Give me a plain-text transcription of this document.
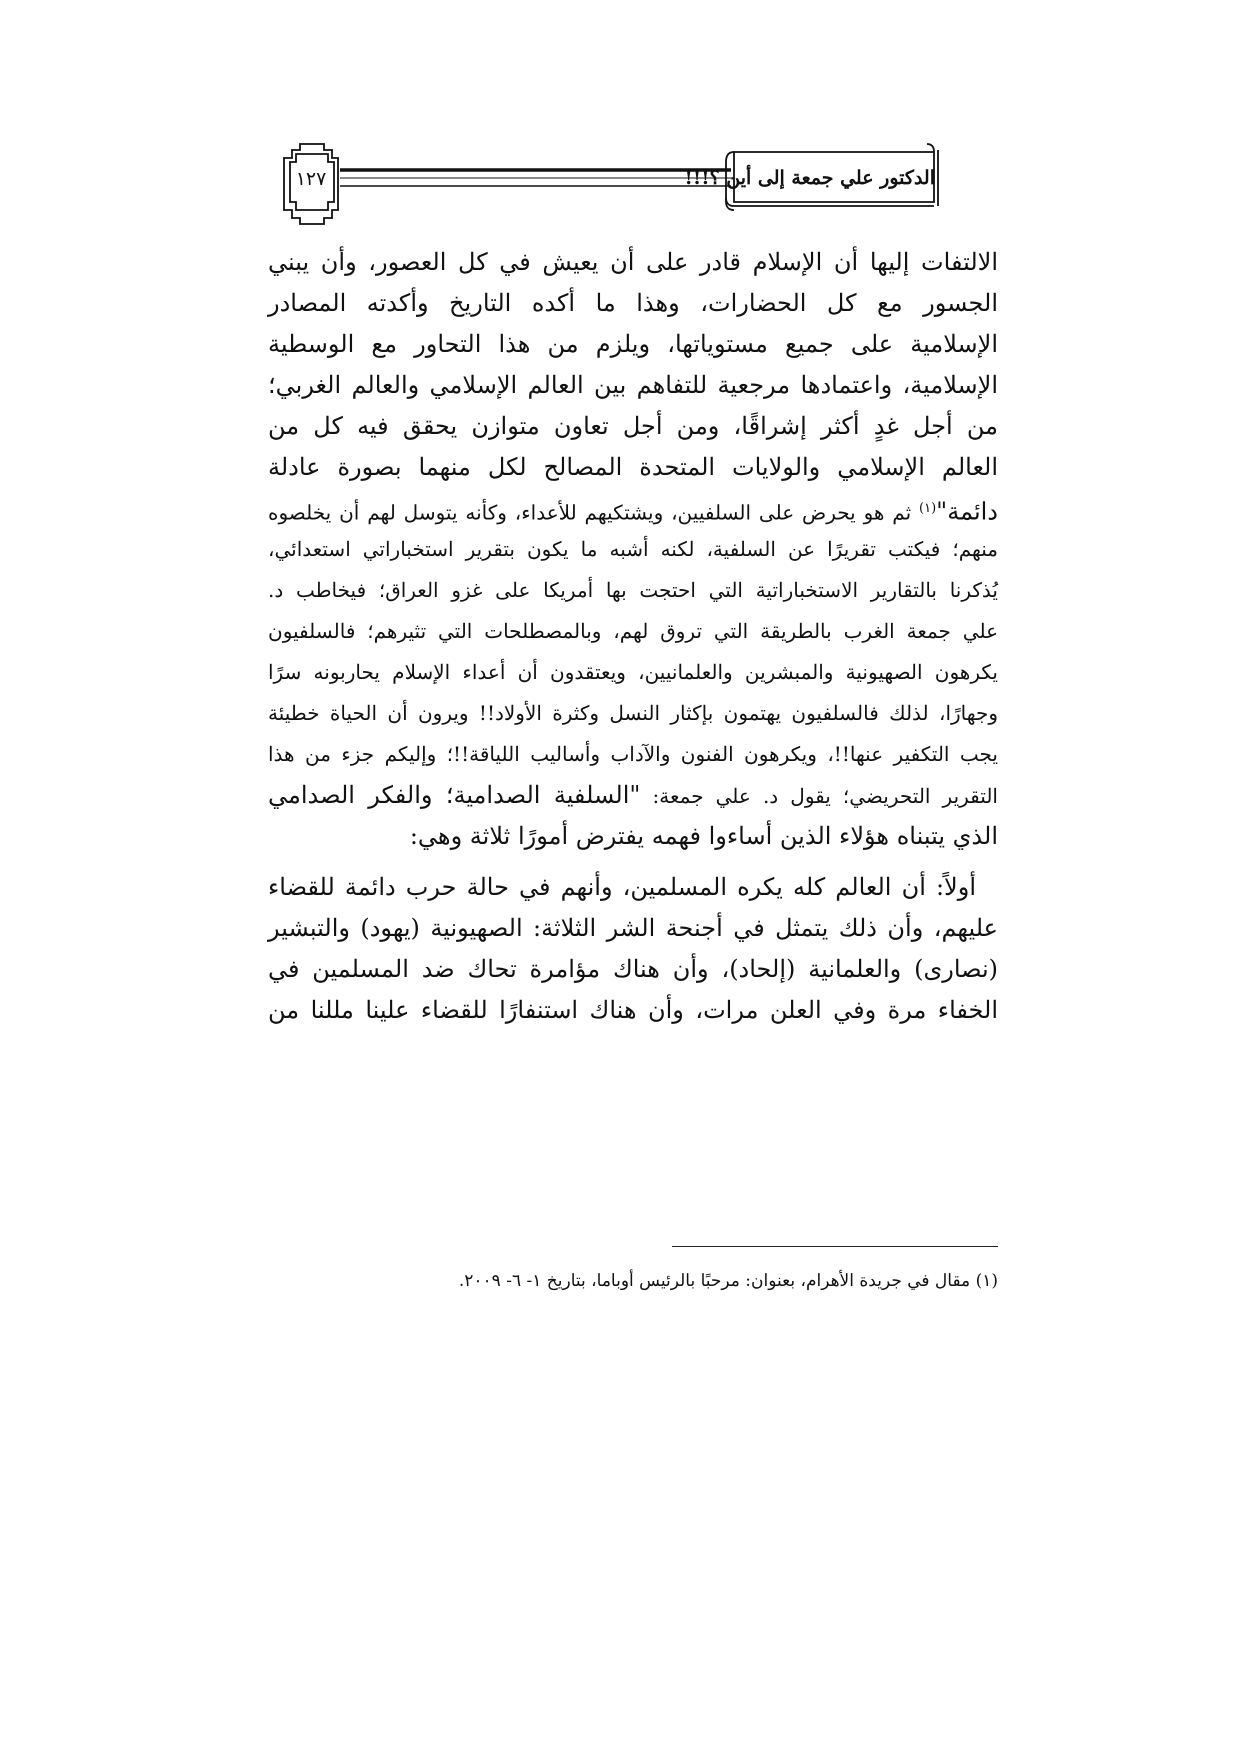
الدكتور علي جمعة إلى أين ؟!!!
١٢٧
الالتفات إليها أن الإسلام قادر على أن يعيش في كل العصور، وأن يبني
الجسور مع كل الحضارات، وهذا ما أكده التاريخ وأكدته المصادر
الإسلامية على جميع مستوياتها، ويلزم من هذا التحاور مع الوسطية
الإسلامية، واعتمادها مرجعية للتفاهم بين العالم الإسلامي والعالم الغربي؛
من أجل غدٍ أكثر إشراقًا، ومن أجل تعاون متوازن يحقق فيه كل من
العالم الإسلامي والولايات المتحدة المصالح لكل منهما بصورة عادلة
دائمة"$^{(١)}$ ثم هو يحرض على السلفيين، ويشتكيهم للأعداء، وكأنه يتوسل لهم أن يخلصوه
منهم؛ فيكتب تقريرًا عن السلفية، لكنه أشبه ما يكون بتقرير استخباراتي استعدائي،
يُذكرنا بالتقارير الاستخباراتية التي احتجت بها أمريكا على غزو العراق؛ فيخاطب د.
علي جمعة الغرب بالطريقة التي تروق لهم، وبالمصطلحات التي تثيرهم؛ فالسلفيون
يكرهون الصهيونية والمبشرين والعلمانيين، ويعتقدون أن أعداء الإسلام يحاربونه سرًا
وجهارًا، لذلك فالسلفيون يهتمون بإكثار النسل وكثرة الأولاد!! ويرون أن الحياة خطيئة
يجب التكفير عنها!!، ويكرهون الفنون والآداب وأساليب اللياقة!!؛ وإليكم جزء من هذا
التقرير التحريضي؛ يقول د. علي جمعة: "السلفية الصدامية؛ والفكر الصدامي
الذي يتبناه هؤلاء الذين أساءوا فهمه يفترض أمورًا ثلاثة وهي:
أولاً: أن العالم كله يكره المسلمين، وأنهم في حالة حرب دائمة للقضاء
عليهم، وأن ذلك يتمثل في أجنحة الشر الثلاثة: الصهيونية (يهود) والتبشير
(نصارى) والعلمانية (إلحاد)، وأن هناك مؤامرة تحاك ضد المسلمين في
الخفاء مرة وفي العلن مرات، وأن هناك استنفارًا للقضاء علينا مللنا من
(١) مقال في جريدة الأهرام، بعنوان: مرحبًا بالرئيس أوباما، بتاريخ ١- ٦- ٢٠٠٩.
